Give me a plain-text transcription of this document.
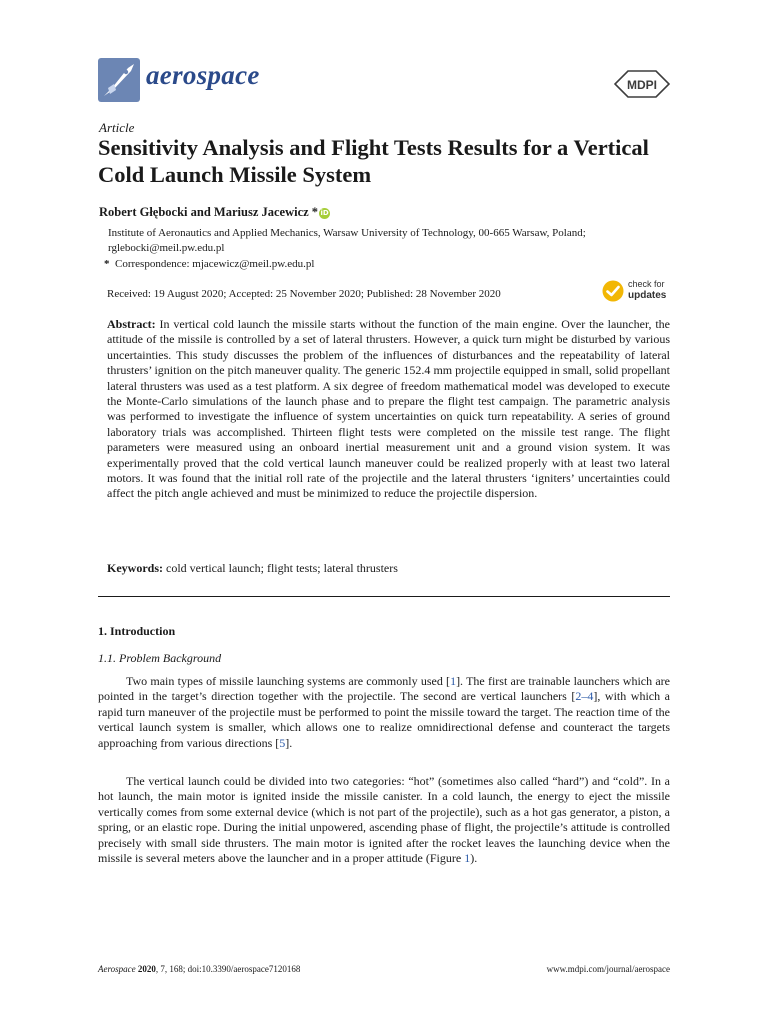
aerospace	MDPI
Article
Sensitivity Analysis and Flight Tests Results for a Vertical Cold Launch Missile System
Robert Głębocki and Mariusz Jacewicz * iD
Institute of Aeronautics and Applied Mechanics, Warsaw University of Technology, 00-665 Warsaw, Poland;
rglebocki@meil.pw.edu.pl
* Correspondence: mjacewicz@meil.pw.edu.pl
Received: 19 August 2020; Accepted: 25 November 2020; Published: 28 November 2020
check for
updates
Abstract: In vertical cold launch the missile starts without the function of the main engine. Over the launcher, the attitude of the missile is controlled by a set of lateral thrusters. However, a quick turn might be disturbed by various uncertainties. This study discusses the problem of the influences of disturbances and the repeatability of lateral thrusters’ ignition on the pitch maneuver quality. The generic 152.4 mm projectile equipped in small, solid propellant lateral thrusters was used as a test platform. A six degree of freedom mathematical model was developed to execute the Monte-Carlo simulations of the launch phase and to prepare the flight test campaign. The parametric analysis was performed to investigate the influence of system uncertainties on quick turn repeatability. A series of ground laboratory trials was accomplished. Thirteen flight tests were completed on the missile test range. The flight parameters were measured using an onboard inertial measurement unit and a ground vision system. It was experimentally proved that the cold vertical launch maneuver could be realized properly with at least two lateral motors. It was found that the initial roll rate of the projectile and the lateral thrusters ‘igniters’ uncertainties could affect the pitch angle achieved and must be minimized to reduce the projectile dispersion.
Keywords: cold vertical launch; flight tests; lateral thrusters
1. Introduction
1.1. Problem Background
Two main types of missile launching systems are commonly used [1]. The first are trainable launchers which are pointed in the target’s direction together with the projectile. The second are vertical launchers [2–4], with which a rapid turn maneuver of the projectile must be performed to point the missile toward the target. The reaction time of the vertical launch system is smaller, which allows one to realize omnidirectional defense and counteract the targets approaching from various directions [5].
The vertical launch could be divided into two categories: “hot” (sometimes also called “hard”) and “cold”. In a hot launch, the main motor is ignited inside the missile canister. In a cold launch, the energy to eject the missile vertically comes from some external device (which is not part of the projectile), such as a hot gas generator, a piston, a spring, or an elastic rope. During the initial unpowered, ascending phase of flight, the projectile’s attitude is controlled precisely with small side thrusters. The main motor is ignited after the rocket leaves the launching device when the missile is several meters above the launcher and in a proper attitude (Figure 1).
Aerospace 2020, 7, 168; doi:10.3390/aerospace7120168	www.mdpi.com/journal/aerospace
